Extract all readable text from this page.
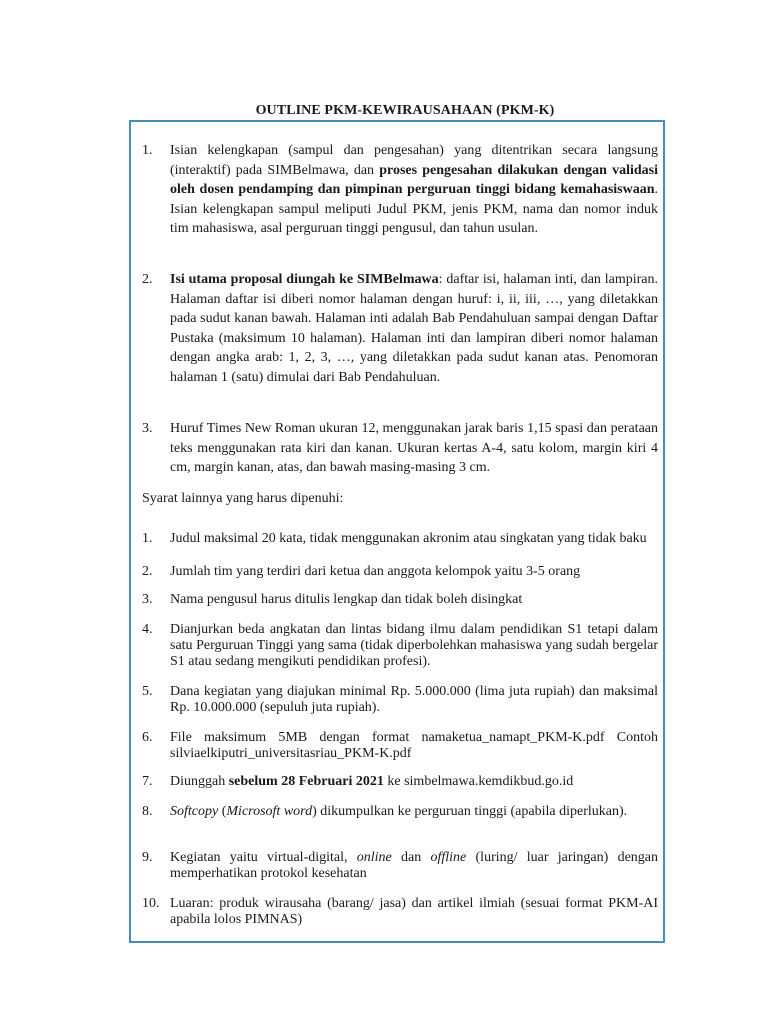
OUTLINE PKM-KEWIRAUSAHAAN (PKM-K)
1. Isian kelengkapan (sampul dan pengesahan) yang ditentrikan secara langsung (interaktif) pada SIMBelmawa, dan proses pengesahan dilakukan dengan validasi oleh dosen pendamping dan pimpinan perguruan tinggi bidang kemahasiswaan. Isian kelengkapan sampul meliputi Judul PKM, jenis PKM, nama dan nomor induk tim mahasiswa, asal perguruan tinggi pengusul, dan tahun usulan.
2. Isi utama proposal diungah ke SIMBelmawa: daftar isi, halaman inti, dan lampiran. Halaman daftar isi diberi nomor halaman dengan huruf: i, ii, iii, …, yang diletakkan pada sudut kanan bawah. Halaman inti adalah Bab Pendahuluan sampai dengan Daftar Pustaka (maksimum 10 halaman). Halaman inti dan lampiran diberi nomor halaman dengan angka arab: 1, 2, 3, …, yang diletakkan pada sudut kanan atas. Penomoran halaman 1 (satu) dimulai dari Bab Pendahuluan.
3. Huruf Times New Roman ukuran 12, menggunakan jarak baris 1,15 spasi dan perataan teks menggunakan rata kiri dan kanan. Ukuran kertas A-4, satu kolom, margin kiri 4 cm, margin kanan, atas, dan bawah masing-masing 3 cm.
Syarat lainnya yang harus dipenuhi:
1. Judul maksimal 20 kata, tidak menggunakan akronim atau singkatan yang tidak baku
2. Jumlah tim yang terdiri dari ketua dan anggota kelompok yaitu 3-5 orang
3. Nama pengusul harus ditulis lengkap dan tidak boleh disingkat
4. Dianjurkan beda angkatan dan lintas bidang ilmu dalam pendidikan S1 tetapi dalam satu Perguruan Tinggi yang sama (tidak diperbolehkan mahasiswa yang sudah bergelar S1 atau sedang mengikuti pendidikan profesi).
5. Dana kegiatan yang diajukan minimal Rp. 5.000.000 (lima juta rupiah) dan maksimal Rp. 10.000.000 (sepuluh juta rupiah).
6. File maksimum 5MB dengan format namaketua_namapt_PKM-K.pdf Contoh silviaelkiputri_universitasriau_PKM-K.pdf
7. Diunggah sebelum 28 Februari 2021 ke simbelmawa.kemdikbud.go.id
8. Softcopy (Microsoft word) dikumpulkan ke perguruan tinggi (apabila diperlukan).
9. Kegiatan yaitu virtual-digital, online dan offline (luring/ luar jaringan) dengan memperhatikan protokol kesehatan
10. Luaran: produk wirausaha (barang/ jasa) dan artikel ilmiah (sesuai format PKM-AI apabila lolos PIMNAS)
